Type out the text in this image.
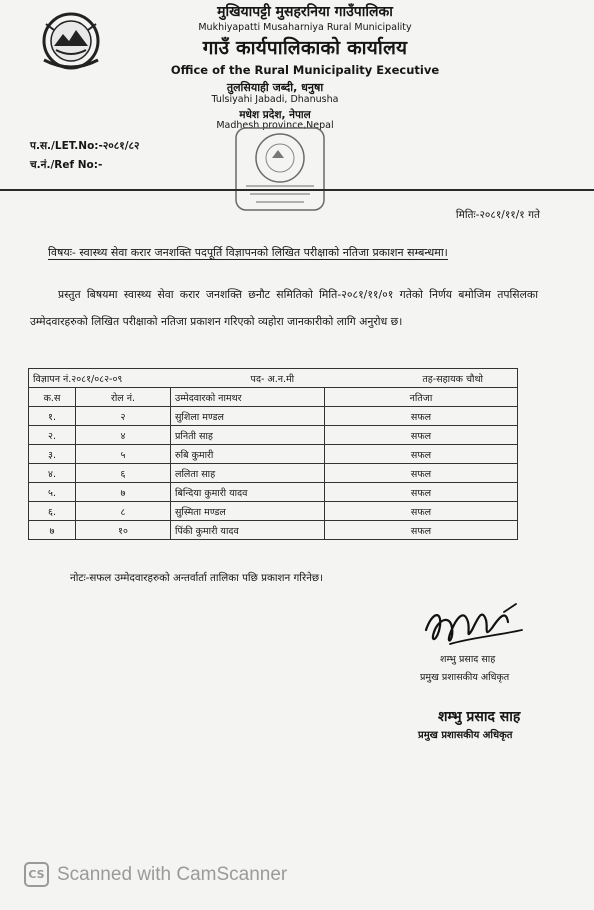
मुखियापट्टी मुसहरनिया गाउँपालिका
Mukhiyapatti Musaharniya Rural Municipality
गाउँ कार्यपालिकाको कार्यालय
Office of the Rural Municipality Executive
तुलसियाही जब्दी, धनुषा
Tulsiyahi Jabadi, Dhanusha
मधेश प्रदेश, नेपाल
Madhesh province,Nepal
प.स./LET.No:-२०८१/८२
च.नं./Ref No:-
मितिः-२०८१/११/१ गते
विषयः- स्वास्थ्य सेवा करार जनशक्ति पदपूर्ति विज्ञापनको लिखित परीक्षाको नतिजा प्रकाशन सम्बन्धमा।
प्रस्तुत बिषयमा स्वास्थ्य सेवा करार जनशक्ति छनौट समितिको मिति-२०८१/११/०१ गतेको निर्णय बमोजिम तपसिलका उम्मेदवारहरुको लिखित परीक्षाको नतिजा प्रकाशन गरिएको व्यहोरा जानकारीको लागि अनुरोध छ।
विज्ञापन नं.२०८१/०८२-०९ पद- अ.न.मी तह-सहायक चौथो			

क.स	रोल नं.	उम्मेदवारको नामथर	नतिजा
१.	२	सुशिला मण्डल	सफल
२.	४	प्रनिती साह	सफल
३.	५	रुबि कुमारी	सफल
४.	६	ललिता साह	सफल
५.	७	बिन्दिया कुमारी यादव	सफल
६.	८	सुस्मिता मण्डल	सफल
७	१०	पिंकी कुमारी यादव	सफल
नोटः-सफल उम्मेदवारहरुको अन्तर्वार्ता तालिका पछि प्रकाशन गरिनेछ।
शम्भु प्रसाद साह
प्रमुख प्रशासकीय अधिकृत
शम्भु प्रसाद साह
प्रमुख प्रशासकीय अधिकृत
CS Scanned with CamScanner
